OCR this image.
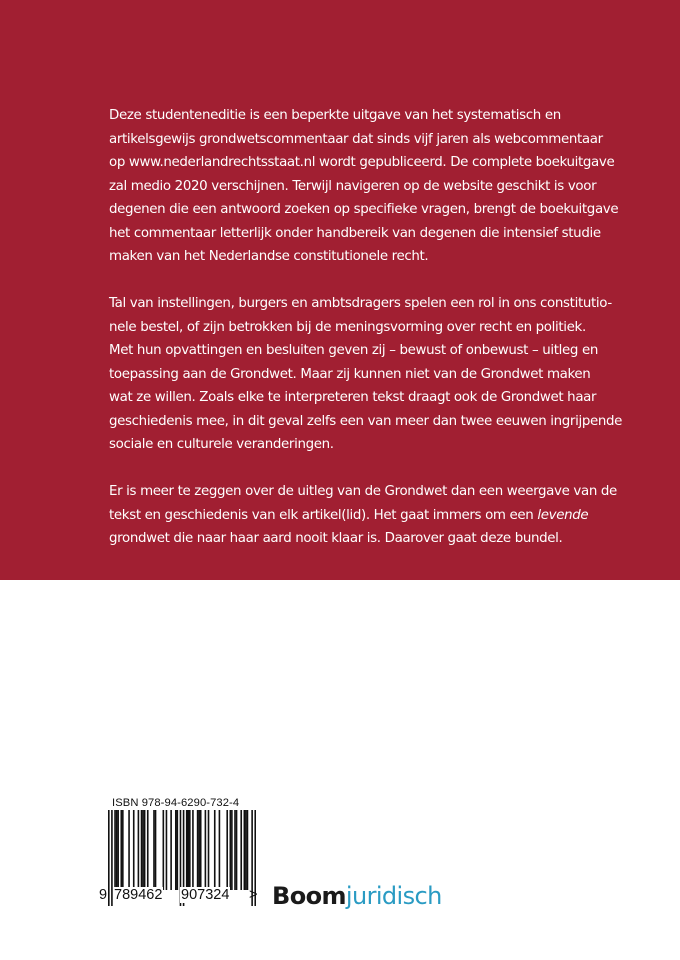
Deze studenteneditie is een beperkte uitgave van het systematisch en
artikelsgewijs grondwetscommentaar dat sinds vijf jaren als webcommentaar
op www.nederlandrechtsstaat.nl wordt gepubliceerd. De complete boekuitgave
zal medio 2020 verschijnen. Terwijl navigeren op de website geschikt is voor
degenen die een antwoord zoeken op specifieke vragen, brengt de boekuitgave
het commentaar letterlijk onder handbereik van degenen die intensief studie
maken van het Nederlandse constitutionele recht.

Tal van instellingen, burgers en ambtsdragers spelen een rol in ons constitutio-
nele bestel, of zijn betrokken bij de meningsvorming over recht en politiek.
Met hun opvattingen en besluiten geven zij – bewust of onbewust – uitleg en
toepassing aan de Grondwet. Maar zij kunnen niet van de Grondwet maken
wat ze willen. Zoals elke te interpreteren tekst draagt ook de Grondwet haar
geschiedenis mee, in dit geval zelfs een van meer dan twee eeuwen ingrijpende
sociale en culturele veranderingen.

Er is meer te zeggen over de uitleg van de Grondwet dan een weergave van de
tekst en geschiedenis van elk artikel(lid). Het gaat immers om een levende
grondwet die naar haar aard nooit klaar is. Daarover gaat deze bundel.

ISBN 978-94-6290-732-4
9 789462 907324 > Boomjuridisch
